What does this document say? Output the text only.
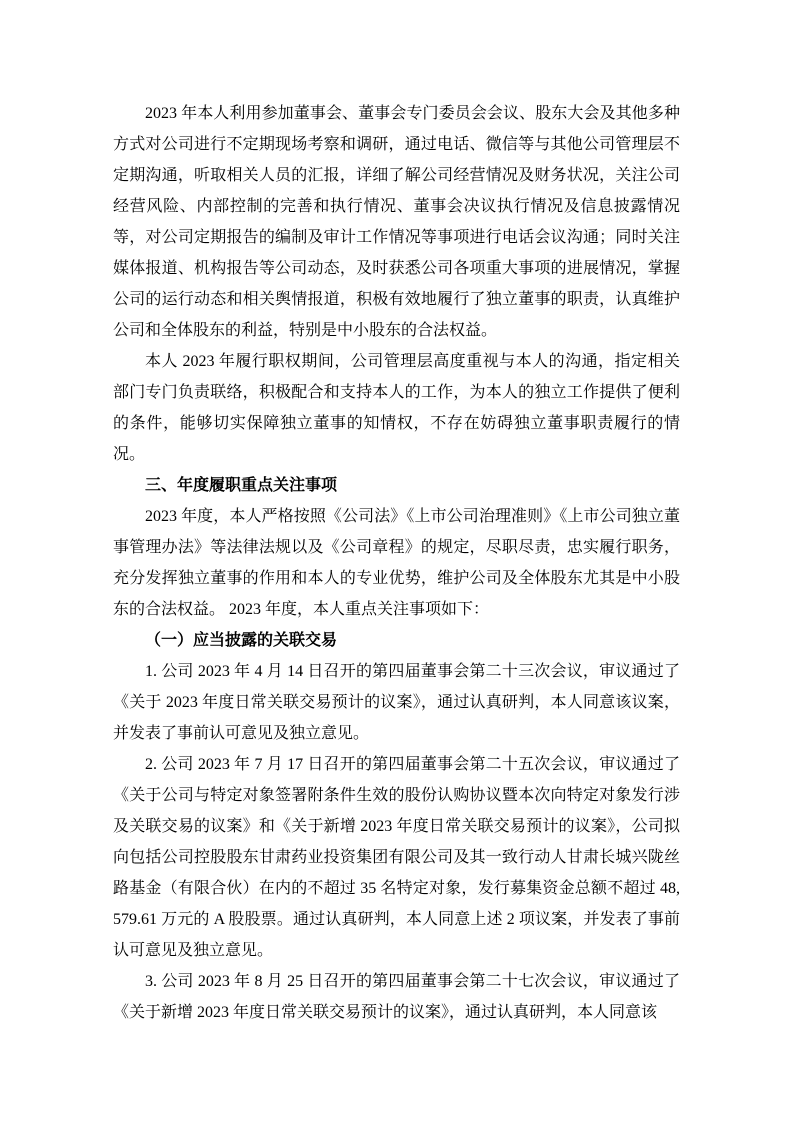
2023 年本人利用参加董事会、董事会专门委员会会议、股东大会及其他多种方式对公司进行不定期现场考察和调研，通过电话、微信等与其他公司管理层不定期沟通，听取相关人员的汇报，详细了解公司经营情况及财务状况，关注公司经营风险、内部控制的完善和执行情况、董事会决议执行情况及信息披露情况等，对公司定期报告的编制及审计工作情况等事项进行电话会议沟通；同时关注媒体报道、机构报告等公司动态，及时获悉公司各项重大事项的进展情况，掌握公司的运行动态和相关舆情报道，积极有效地履行了独立董事的职责，认真维护公司和全体股东的利益，特别是中小股东的合法权益。

本人 2023 年履行职权期间，公司管理层高度重视与本人的沟通，指定相关部门专门负责联络，积极配合和支持本人的工作，为本人的独立工作提供了便利的条件，能够切实保障独立董事的知情权，不存在妨碍独立董事职责履行的情况。

三、年度履职重点关注事项

2023 年度，本人严格按照《公司法》《上市公司治理准则》《上市公司独立董事管理办法》等法律法规以及《公司章程》的规定，尽职尽责，忠实履行职务，充分发挥独立董事的作用和本人的专业优势，维护公司及全体股东尤其是中小股东的合法权益。 2023 年度，本人重点关注事项如下：

（一）应当披露的关联交易

1. 公司 2023 年 4 月 14 日召开的第四届董事会第二十三次会议，审议通过了《关于 2023 年度日常关联交易预计的议案》，通过认真研判，本人同意该议案，并发表了事前认可意见及独立意见。

2. 公司 2023 年 7 月 17 日召开的第四届董事会第二十五次会议，审议通过了《关于公司与特定对象签署附条件生效的股份认购协议暨本次向特定对象发行涉及关联交易的议案》和《关于新增 2023 年度日常关联交易预计的议案》，公司拟向包括公司控股股东甘肃药业投资集团有限公司及其一致行动人甘肃长城兴陇丝路基金（有限合伙）在内的不超过 35 名特定对象，发行募集资金总额不超过 48,579.61 万元的 A 股股票。通过认真研判，本人同意上述 2 项议案，并发表了事前认可意见及独立意见。

3. 公司 2023 年 8 月 25 日召开的第四届董事会第二十七次会议，审议通过了《关于新增 2023 年度日常关联交易预计的议案》，通过认真研判，本人同意该
